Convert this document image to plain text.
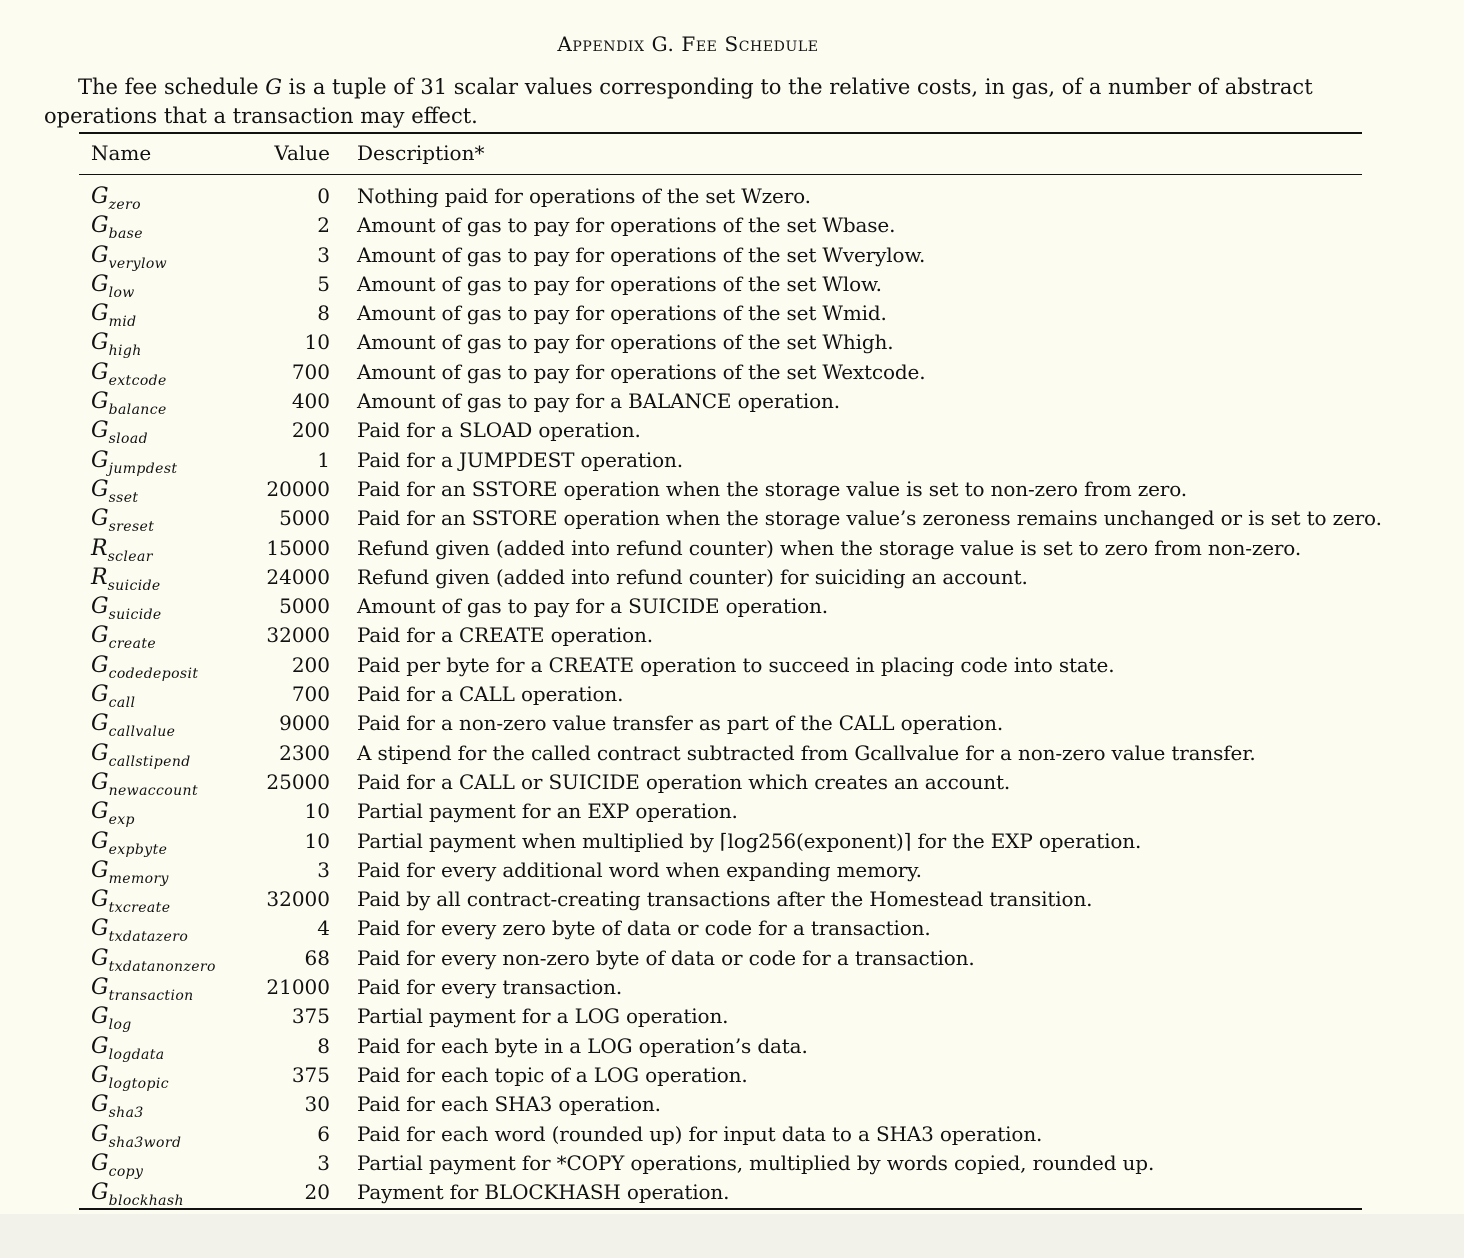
Appendix G. Fee Schedule
The fee schedule G is a tuple of 31 scalar values corresponding to the relative costs, in gas, of a number of abstract
operations that a transaction may effect.
Name	Value Description*
$G_{zero}$	0 Nothing paid for operations of the set Wzero.
$G_{base}$	2 Amount of gas to pay for operations of the set Wbase.
$G_{verylow}$	3 Amount of gas to pay for operations of the set Wverylow.
$G_{low}$	5 Amount of gas to pay for operations of the set Wlow.
$G_{mid}$	8 Amount of gas to pay for operations of the set Wmid.
$G_{high}$	10 Amount of gas to pay for operations of the set Whigh.
$G_{extcode}$	700 Amount of gas to pay for operations of the set Wextcode.
$G_{balance}$	400 Amount of gas to pay for a BALANCE operation.
$G_{sload}$	200 Paid for a SLOAD operation.
$G_{jumpdest}$	1 Paid for a JUMPDEST operation.
$G_{sset}$	20000 Paid for an SSTORE operation when the storage value is set to non-zero from zero.
$G_{sreset}$	5000 Paid for an SSTORE operation when the storage value’s zeroness remains unchanged or is set to zero.
$R_{sclear}$	15000 Refund given (added into refund counter) when the storage value is set to zero from non-zero.
$R_{suicide}$	24000 Refund given (added into refund counter) for suiciding an account.
$G_{suicide}$	5000 Amount of gas to pay for a SUICIDE operation.
$G_{create}$	32000 Paid for a CREATE operation.
$G_{codedeposit}$	200 Paid per byte for a CREATE operation to succeed in placing code into state.
$G_{call}$	700 Paid for a CALL operation.
$G_{callvalue}$	9000 Paid for a non-zero value transfer as part of the CALL operation.
$G_{callstipend}$	2300 A stipend for the called contract subtracted from Gcallvalue for a non-zero value transfer.
$G_{newaccount}$	25000 Paid for a CALL or SUICIDE operation which creates an account.
$G_{exp}$	10 Partial payment for an EXP operation.
$G_{expbyte}$	10 Partial payment when multiplied by ⌈log256(exponent)⌉ for the EXP operation.
$G_{memory}$	3 Paid for every additional word when expanding memory.
$G_{txcreate}$	32000 Paid by all contract-creating transactions after the Homestead transition.
$G_{txdatazero}$	4 Paid for every zero byte of data or code for a transaction.
$G_{txdatanonzero}$	68 Paid for every non-zero byte of data or code for a transaction.
$G_{transaction}$	21000 Paid for every transaction.
$G_{log}$	375 Partial payment for a LOG operation.
$G_{logdata}$	8 Paid for each byte in a LOG operation’s data.
$G_{logtopic}$	375 Paid for each topic of a LOG operation.
$G_{sha3}$	30 Paid for each SHA3 operation.
$G_{sha3word}$	6 Paid for each word (rounded up) for input data to a SHA3 operation.
$G_{copy}$	3 Partial payment for *COPY operations, multiplied by words copied, rounded up.
$G_{blockhash}$	20 Payment for BLOCKHASH operation.
